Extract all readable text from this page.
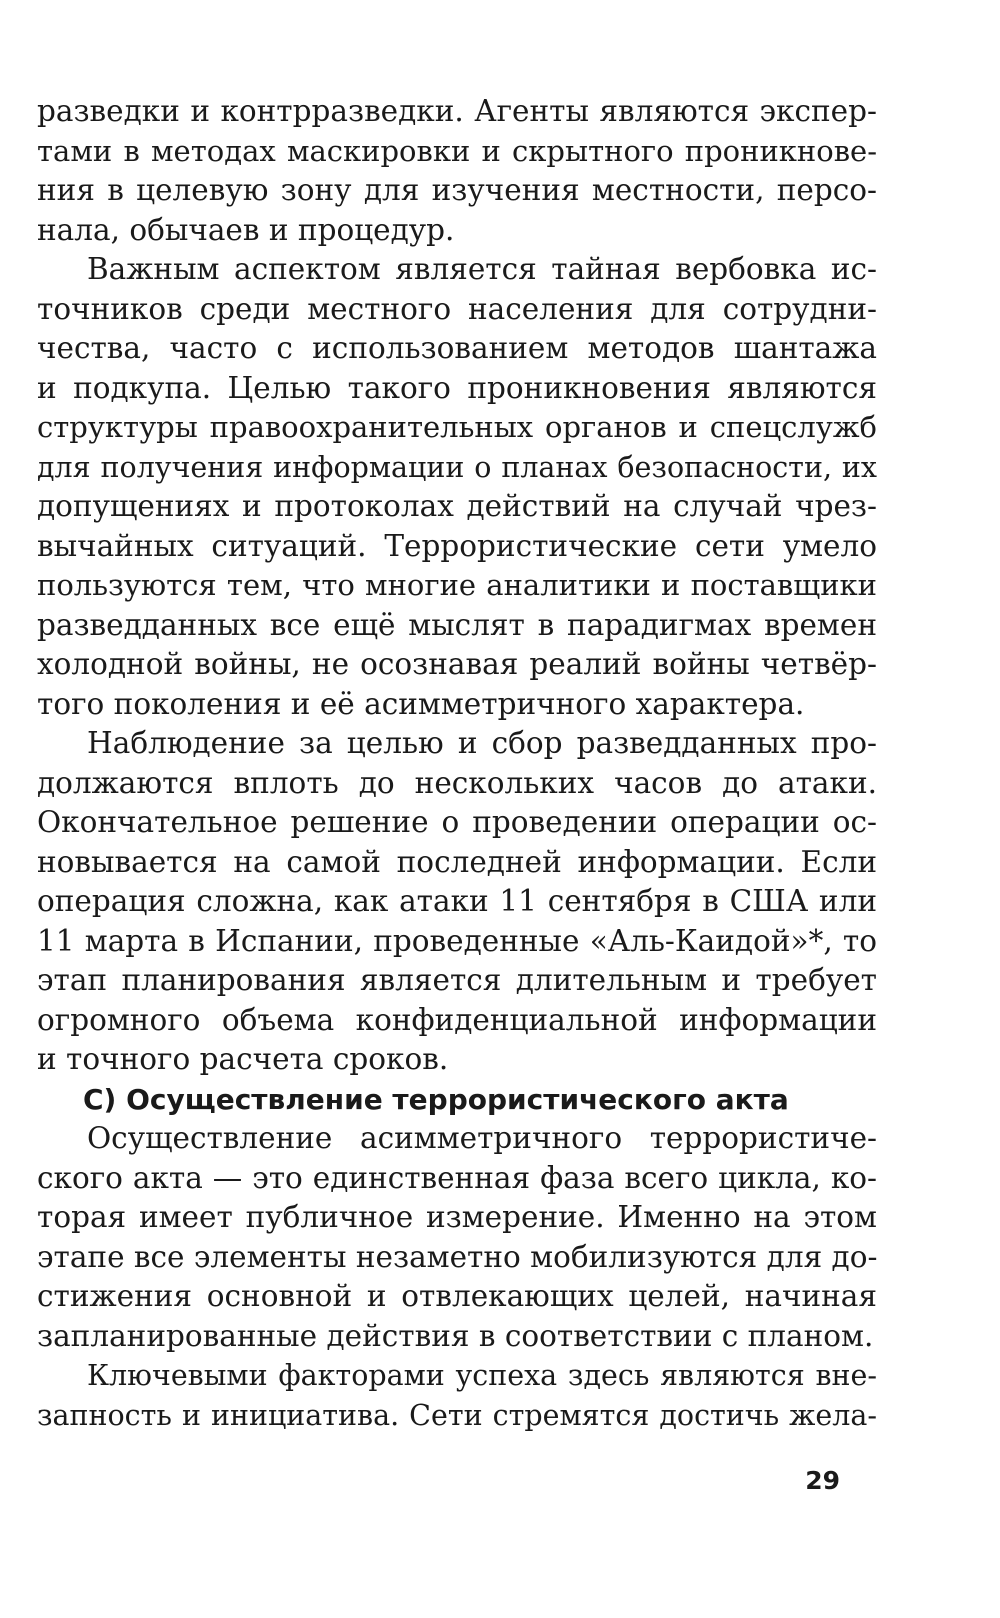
разведки и контрразведки. Агенты являются экспер-
тами в методах маскировки и скрытного проникнове-
ния в целевую зону для изучения местности, персо-
нала, обычаев и процедур.
Важным аспектом является тайная вербовка ис-
точников среди местного населения для сотрудни-
чества, часто с использованием методов шантажа
и подкупа. Целью такого проникновения являются
структуры правоохранительных органов и спецслужб
для получения информации о планах безопасности, их
допущениях и протоколах действий на случай чрез-
вычайных ситуаций. Террористические сети умело
пользуются тем, что многие аналитики и поставщики
разведданных все ещё мыслят в парадигмах времен
холодной войны, не осознавая реалий войны четвёр-
того поколения и её асимметричного характера.
Наблюдение за целью и сбор разведданных про-
должаются вплоть до нескольких часов до атаки.
Окончательное решение о проведении операции ос-
новывается на самой последней информации. Если
операция сложна, как атаки 11 сентября в США или
11 марта в Испании, проведенные «Аль-Каидой»*, то
этап планирования является длительным и требует
огромного объема конфиденциальной информации
и точного расчета сроков.
С) Осуществление террористического акта
Осуществление асимметричного террористиче-
ского акта — это единственная фаза всего цикла, ко-
торая имеет публичное измерение. Именно на этом
этапе все элементы незаметно мобилизуются для до-
стижения основной и отвлекающих целей, начиная
запланированные действия в соответствии с планом.
Ключевыми факторами успеха здесь являются вне-
запность и инициатива. Сети стремятся достичь жела-
29
